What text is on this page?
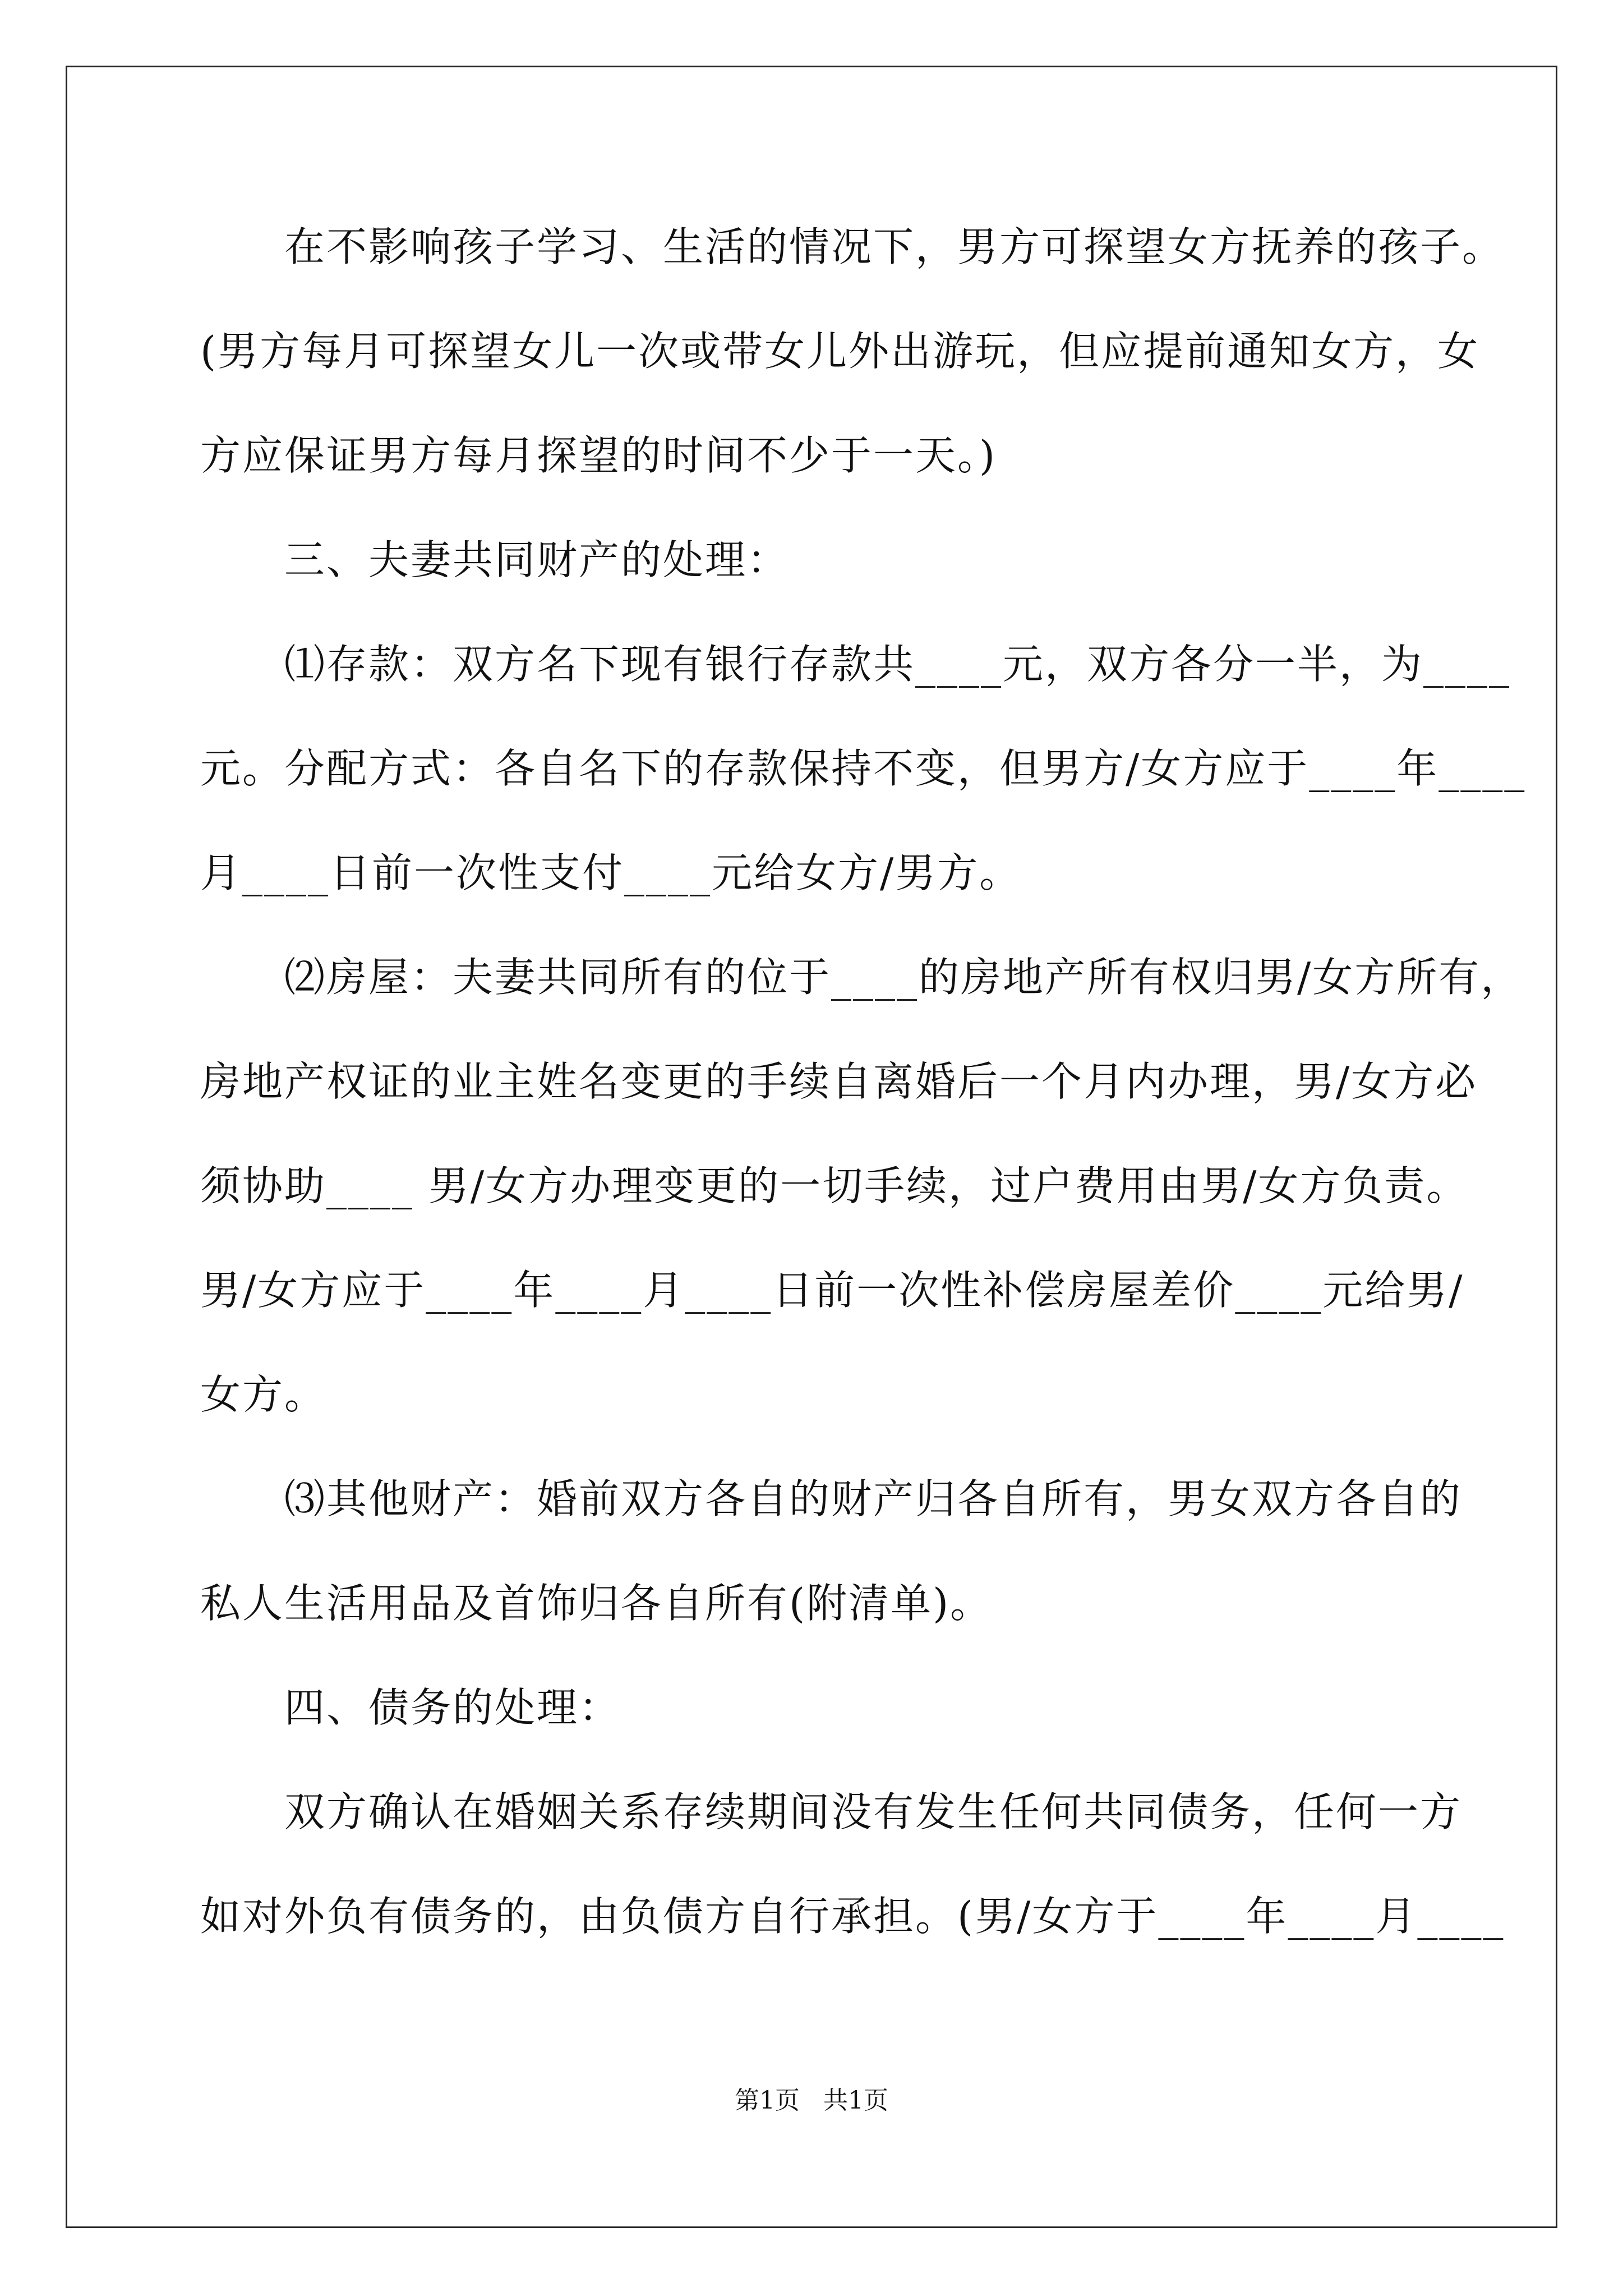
　　在不影响孩子学习、生活的情况下，男方可探望女方抚养的孩子。
(男方每月可探望女儿一次或带女儿外出游玩，但应提前通知女方，女
方应保证男方每月探望的时间不少于一天。)
　　三、夫妻共同财产的处理：
　　⑴存款：双方名下现有银行存款共____元，双方各分一半，为____
元。分配方式：各自名下的存款保持不变，但男方/女方应于____年____
月____日前一次性支付____元给女方/男方。
　　⑵房屋：夫妻共同所有的位于____的房地产所有权归男/女方所有，
房地产权证的业主姓名变更的手续自离婚后一个月内办理，男/女方必
须协助____ 男/女方办理变更的一切手续，过户费用由男/女方负责。
男/女方应于____年____月____日前一次性补偿房屋差价____元给男/
女方。
　　⑶其他财产：婚前双方各自的财产归各自所有，男女双方各自的
私人生活用品及首饰归各自所有(附清单)。
　　四、债务的处理：
　　双方确认在婚姻关系存续期间没有发生任何共同债务，任何一方
如对外负有债务的，由负债方自行承担。(男/女方于____年____月____
第1页   共1页
